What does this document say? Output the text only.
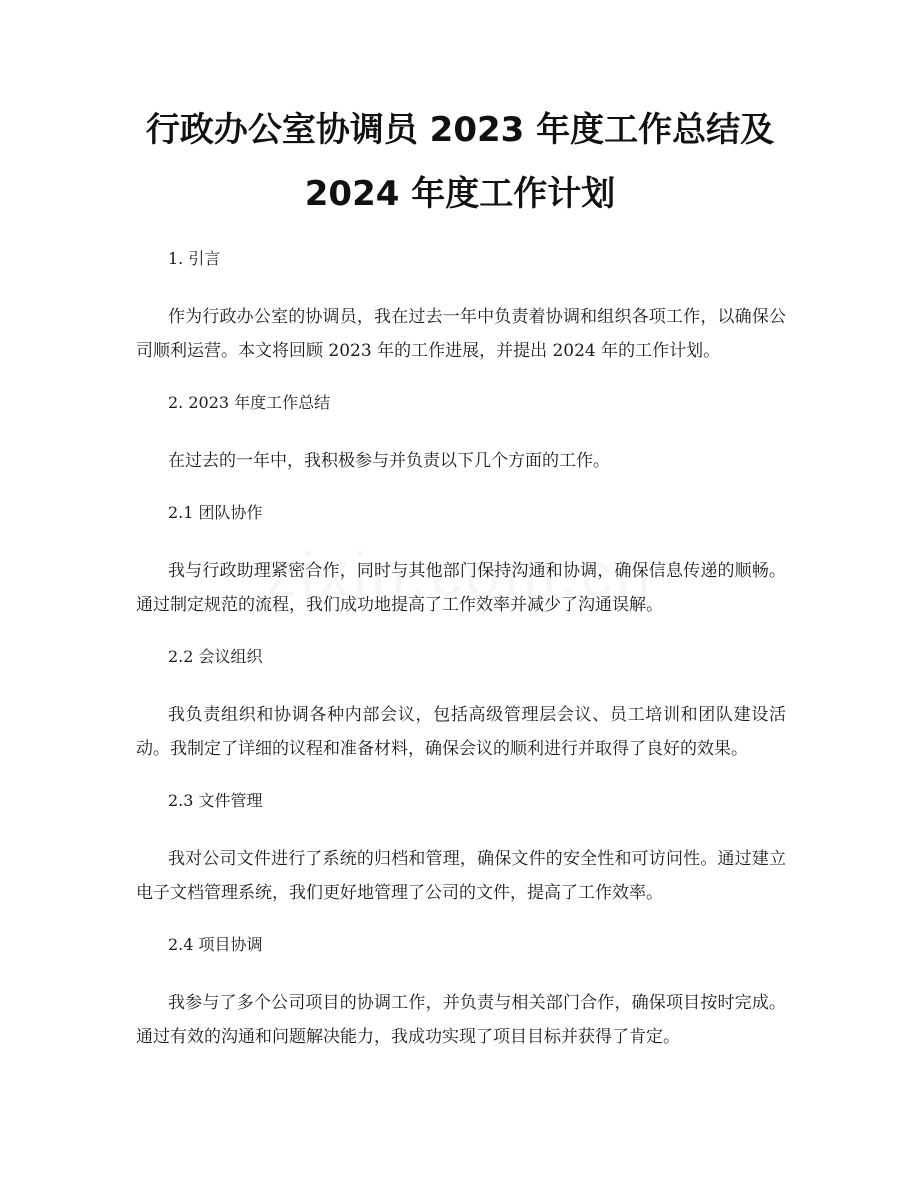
行政办公室协调员 2023 年度工作总结及
2024 年度工作计划

1. 引言

作为行政办公室的协调员，我在过去一年中负责着协调和组织各项工作，以确保公司顺利运营。本文将回顾 2023 年的工作进展，并提出 2024 年的工作计划。

2. 2023 年度工作总结

在过去的一年中，我积极参与并负责以下几个方面的工作。

2.1 团队协作

我与行政助理紧密合作，同时与其他部门保持沟通和协调，确保信息传递的顺畅。通过制定规范的流程，我们成功地提高了工作效率并减少了沟通误解。

2.2 会议组织

我负责组织和协调各种内部会议，包括高级管理层会议、员工培训和团队建设活动。我制定了详细的议程和准备材料，确保会议的顺利进行并取得了良好的效果。

2.3 文件管理

我对公司文件进行了系统的归档和管理，确保文件的安全性和可访问性。通过建立电子文档管理系统，我们更好地管理了公司的文件，提高了工作效率。

2.4 项目协调

我参与了多个公司项目的协调工作，并负责与相关部门合作，确保项目按时完成。通过有效的沟通和问题解决能力，我成功实现了项目目标并获得了肯定。
